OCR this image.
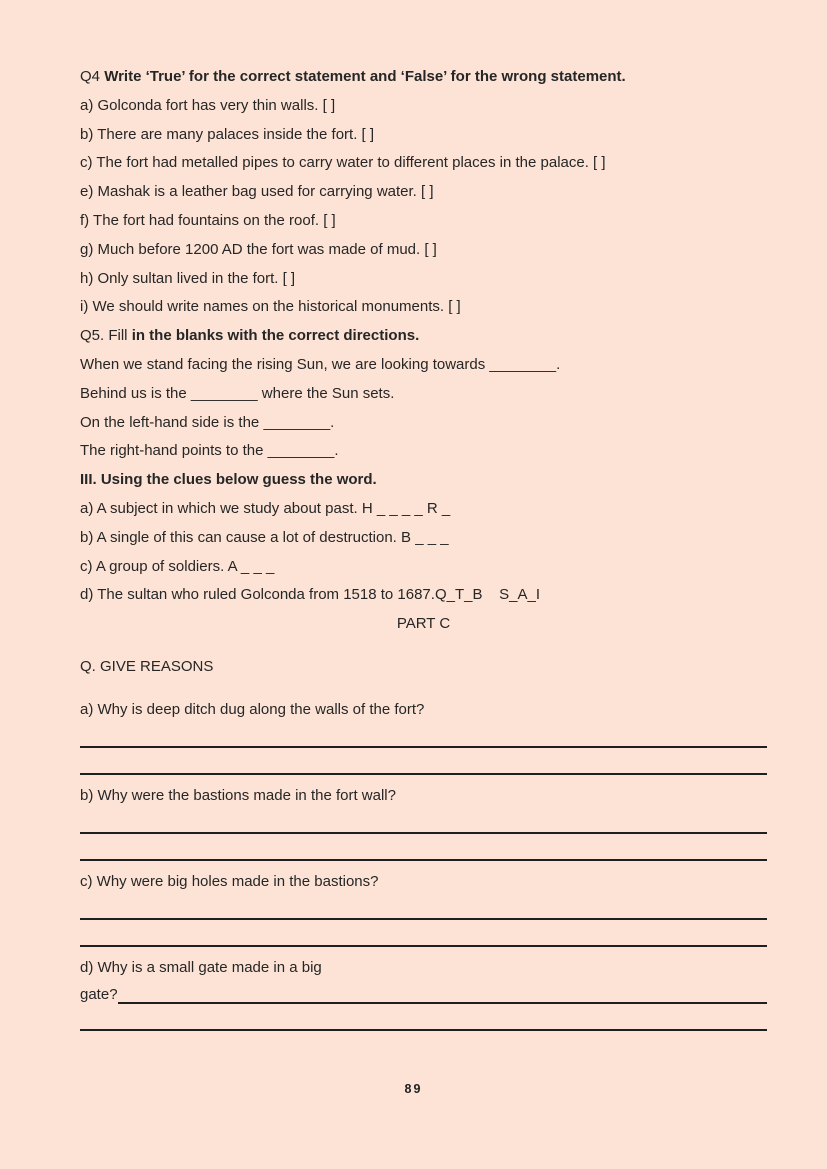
Q4 Write ‘True’ for the correct statement and ‘False’ for the wrong statement.
a) Golconda fort has very thin walls. [ ]
b) There are many palaces inside the fort. [ ]
c) The fort had metalled pipes to carry water to different places in the palace. [ ]
e) Mashak is a leather bag used for carrying water. [ ]
f) The fort had fountains on the roof. [ ]
g) Much before 1200 AD the fort was made of mud. [ ]
h) Only sultan lived in the fort. [ ]
i) We should write names on the historical monuments. [ ]
Q5. Fill in the blanks with the correct directions.
When we stand facing the rising Sun, we are looking towards ________.
Behind us is the ________ where the Sun sets.
On the left-hand side is the ________.
The right-hand points to the ________.
III. Using the clues below guess the word.
a) A subject in which we study about past. H _ _ _ _ R _
b) A single of this can cause a lot of destruction. B _ _ _
c) A group of soldiers. A _ _ _
d) The sultan who ruled Golconda from 1518 to 1687.Q_T_B    S_A_I
PART C
Q. GIVE REASONS
a) Why is deep ditch dug along the walls of the fort?
b) Why were the bastions made in the fort wall?
c) Why were big holes made in the bastions?
d) Why is a small gate made in a big
gate?
89
